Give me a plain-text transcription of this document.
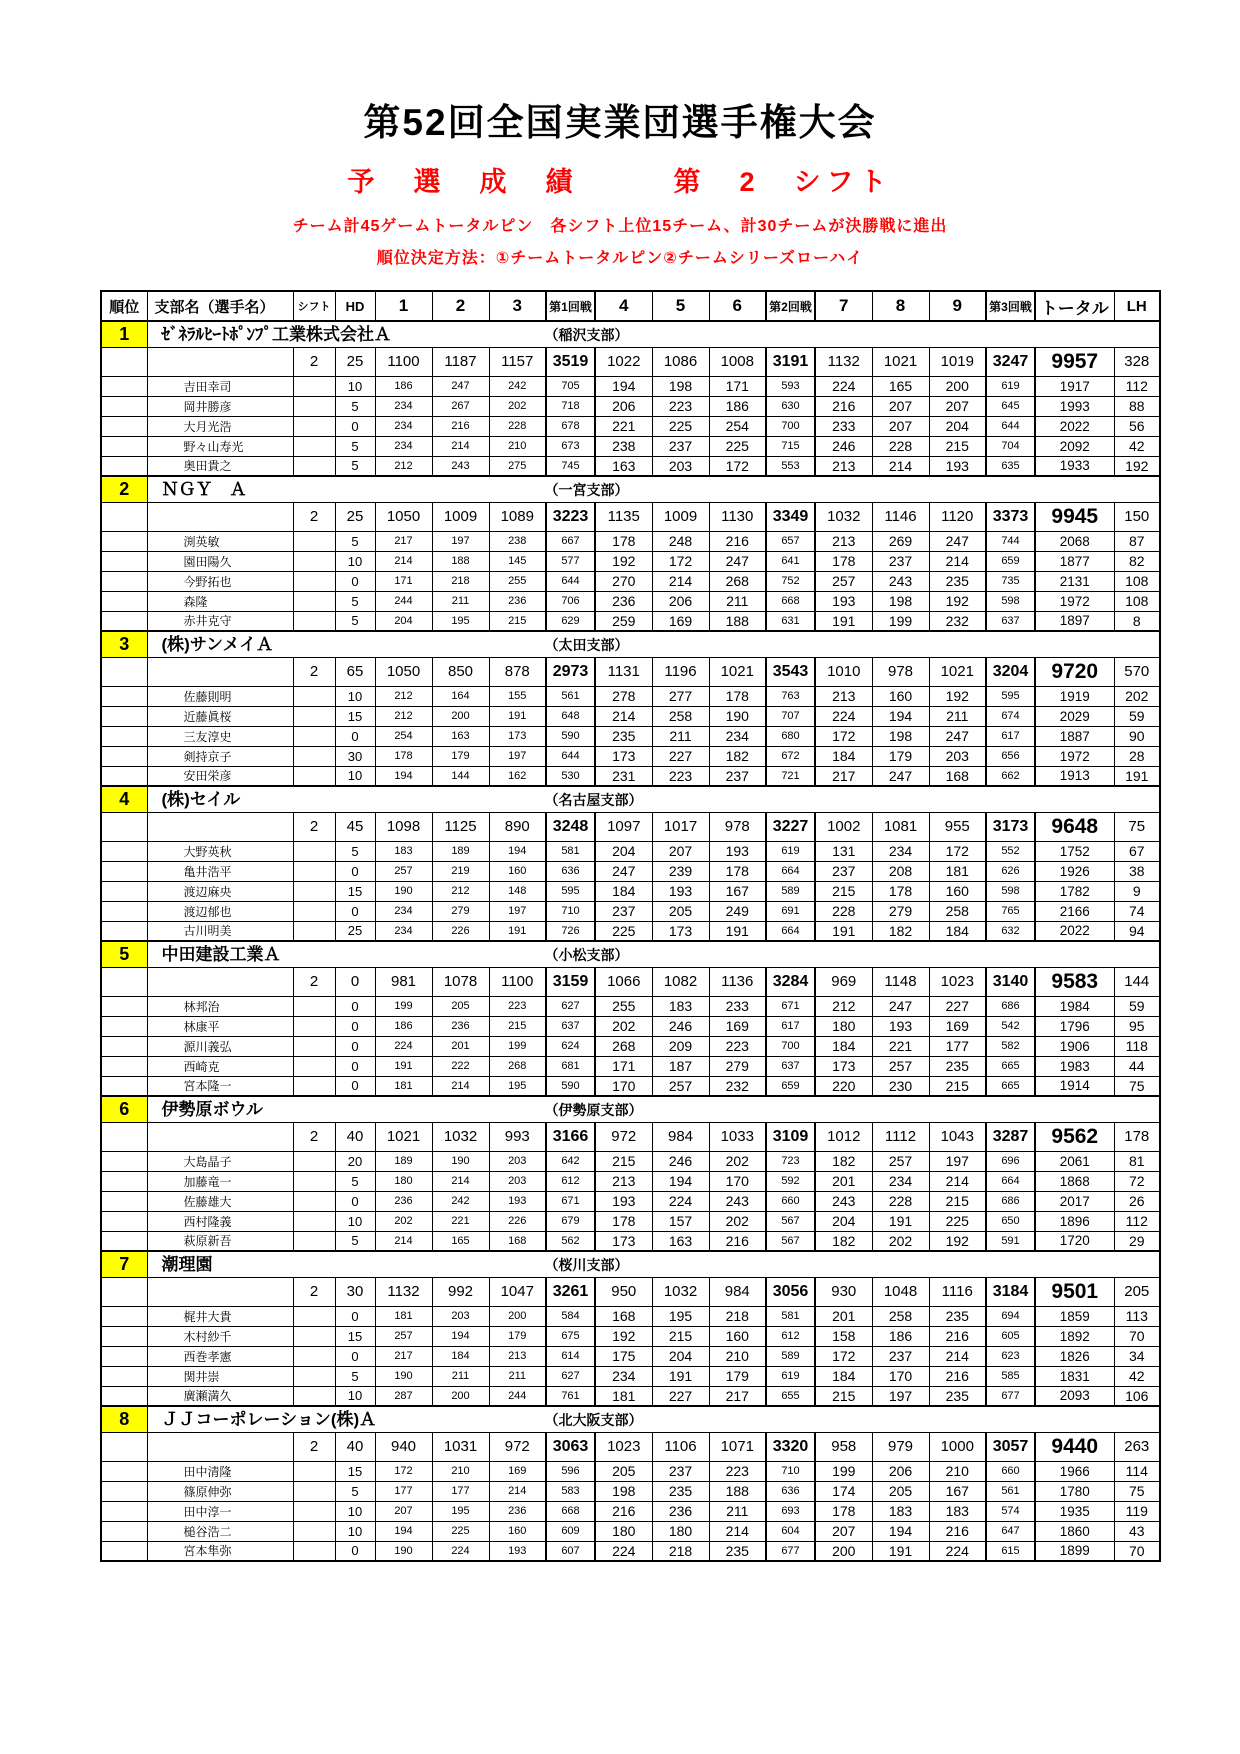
第52回全国実業団選手権大会
予　選　成　績	第　2　シフト
チーム計45ゲームトータルピン　各シフト上位15チーム、計30チームが決勝戦に進出
順位決定方法：①チームトータルピン②チームシリーズローハイ
順位	支部名（選手名）	シフト	HD	1	2	3	第1回戦	4	5	6	第2回戦	7	8	9	第3回戦	トータル	LH
1	ｾﾞﾈﾗﾙﾋｰﾄﾎﾟﾝﾌﾟ工業株式会社Ａ （稲沢支部）																

		2	25	1100	1187	1157	3519	1022	1086	1008	3191	1132	1021	1019	3247	9957	328
	吉田幸司		10	186	247	242	705	194	198	171	593	224	165	200	619	1917	112
	岡井勝彦		5	234	267	202	718	206	223	186	630	216	207	207	645	1993	88
	大月光浩		0	234	216	228	678	221	225	254	700	233	207	204	644	2022	56
	野々山寿光		5	234	214	210	673	238	237	225	715	246	228	215	704	2092	42
	奥田貴之		5	212	243	275	745	163	203	172	553	213	214	193	635	1933	192
2	ＮＧＹ　Ａ （一宮支部）																

		2	25	1050	1009	1089	3223	1135	1009	1130	3349	1032	1146	1120	3373	9945	150
	渕英敏		5	217	197	238	667	178	248	216	657	213	269	247	744	2068	87
	園田陽久		10	214	188	145	577	192	172	247	641	178	237	214	659	1877	82
	今野拓也		0	171	218	255	644	270	214	268	752	257	243	235	735	2131	108
	森隆		5	244	211	236	706	236	206	211	668	193	198	192	598	1972	108
	赤井克守		5	204	195	215	629	259	169	188	631	191	199	232	637	1897	8
3	(株)サンメイＡ （太田支部）																

		2	65	1050	850	878	2973	1131	1196	1021	3543	1010	978	1021	3204	9720	570
	佐藤則明		10	212	164	155	561	278	277	178	763	213	160	192	595	1919	202
	近藤眞桜		15	212	200	191	648	214	258	190	707	224	194	211	674	2029	59
	三友淳史		0	254	163	173	590	235	211	234	680	172	198	247	617	1887	90
	剣持京子		30	178	179	197	644	173	227	182	672	184	179	203	656	1972	28
	安田栄彦		10	194	144	162	530	231	223	237	721	217	247	168	662	1913	191
4	(株)セイル （名古屋支部）																

		2	45	1098	1125	890	3248	1097	1017	978	3227	1002	1081	955	3173	9648	75
	大野英秋		5	183	189	194	581	204	207	193	619	131	234	172	552	1752	67
	亀井浩平		0	257	219	160	636	247	239	178	664	237	208	181	626	1926	38
	渡辺麻央		15	190	212	148	595	184	193	167	589	215	178	160	598	1782	9
	渡辺郁也		0	234	279	197	710	237	205	249	691	228	279	258	765	2166	74
	古川明美		25	234	226	191	726	225	173	191	664	191	182	184	632	2022	94
5	中田建設工業Ａ （小松支部）																

		2	0	981	1078	1100	3159	1066	1082	1136	3284	969	1148	1023	3140	9583	144
	林邦治		0	199	205	223	627	255	183	233	671	212	247	227	686	1984	59
	林康平		0	186	236	215	637	202	246	169	617	180	193	169	542	1796	95
	源川義弘		0	224	201	199	624	268	209	223	700	184	221	177	582	1906	118
	西崎克		0	191	222	268	681	171	187	279	637	173	257	235	665	1983	44
	宮本隆一		0	181	214	195	590	170	257	232	659	220	230	215	665	1914	75
6	伊勢原ボウル （伊勢原支部）																

		2	40	1021	1032	993	3166	972	984	1033	3109	1012	1112	1043	3287	9562	178
	大島晶子		20	189	190	203	642	215	246	202	723	182	257	197	696	2061	81
	加藤竜一		5	180	214	203	612	213	194	170	592	201	234	214	664	1868	72
	佐藤雄大		0	236	242	193	671	193	224	243	660	243	228	215	686	2017	26
	西村隆義		10	202	221	226	679	178	157	202	567	204	191	225	650	1896	112
	萩原新吾		5	214	165	168	562	173	163	216	567	182	202	192	591	1720	29
7	潮理園 （桜川支部）																

		2	30	1132	992	1047	3261	950	1032	984	3056	930	1048	1116	3184	9501	205
	梶井大貴		0	181	203	200	584	168	195	218	581	201	258	235	694	1859	113
	木村紗千		15	257	194	179	675	192	215	160	612	158	186	216	605	1892	70
	西巻孝憲		0	217	184	213	614	175	204	210	589	172	237	214	623	1826	34
	関井崇		5	190	211	211	627	234	191	179	619	184	170	216	585	1831	42
	廣瀬満久		10	287	200	244	761	181	227	217	655	215	197	235	677	2093	106
8	ＪＪコーポレーション(株)Ａ （北大阪支部）																

		2	40	940	1031	972	3063	1023	1106	1071	3320	958	979	1000	3057	9440	263
	田中清隆		15	172	210	169	596	205	237	223	710	199	206	210	660	1966	114
	篠原伸弥		5	177	177	214	583	198	235	188	636	174	205	167	561	1780	75
	田中淳一		10	207	195	236	668	216	236	211	693	178	183	183	574	1935	119
	槌谷浩二		10	194	225	160	609	180	180	214	604	207	194	216	647	1860	43
	宮本隼弥		0	190	224	193	607	224	218	235	677	200	191	224	615	1899	70
